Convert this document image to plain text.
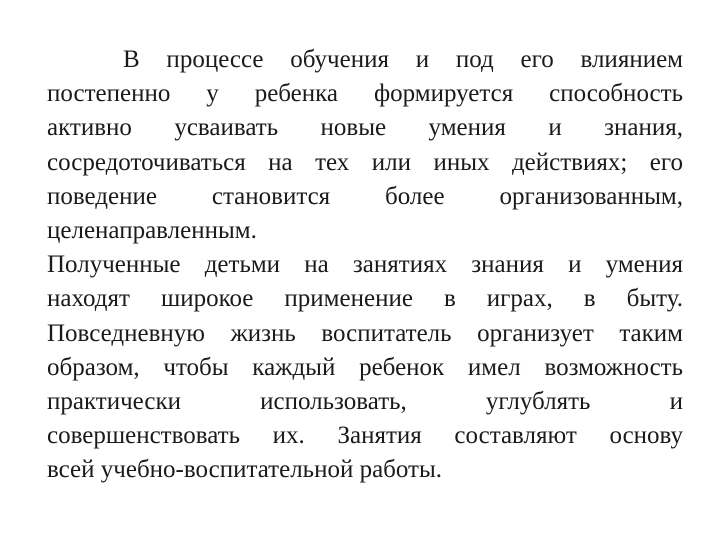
В процессе обучения и под его влиянием
постепенно у ребенка формируется способность
активно усваивать новые умения и знания,
сосредоточиваться на тех или иных действиях; его
поведение становится более организованным,
целенаправленным.
Полученные детьми на занятиях знания и умения
находят широкое применение в играх, в быту.
Повседневную жизнь воспитатель организует таким
образом, чтобы каждый ребенок имел возможность
практически использовать, углублять и
совершенствовать их. Занятия составляют основу
всей учебно-воспитательной работы.
